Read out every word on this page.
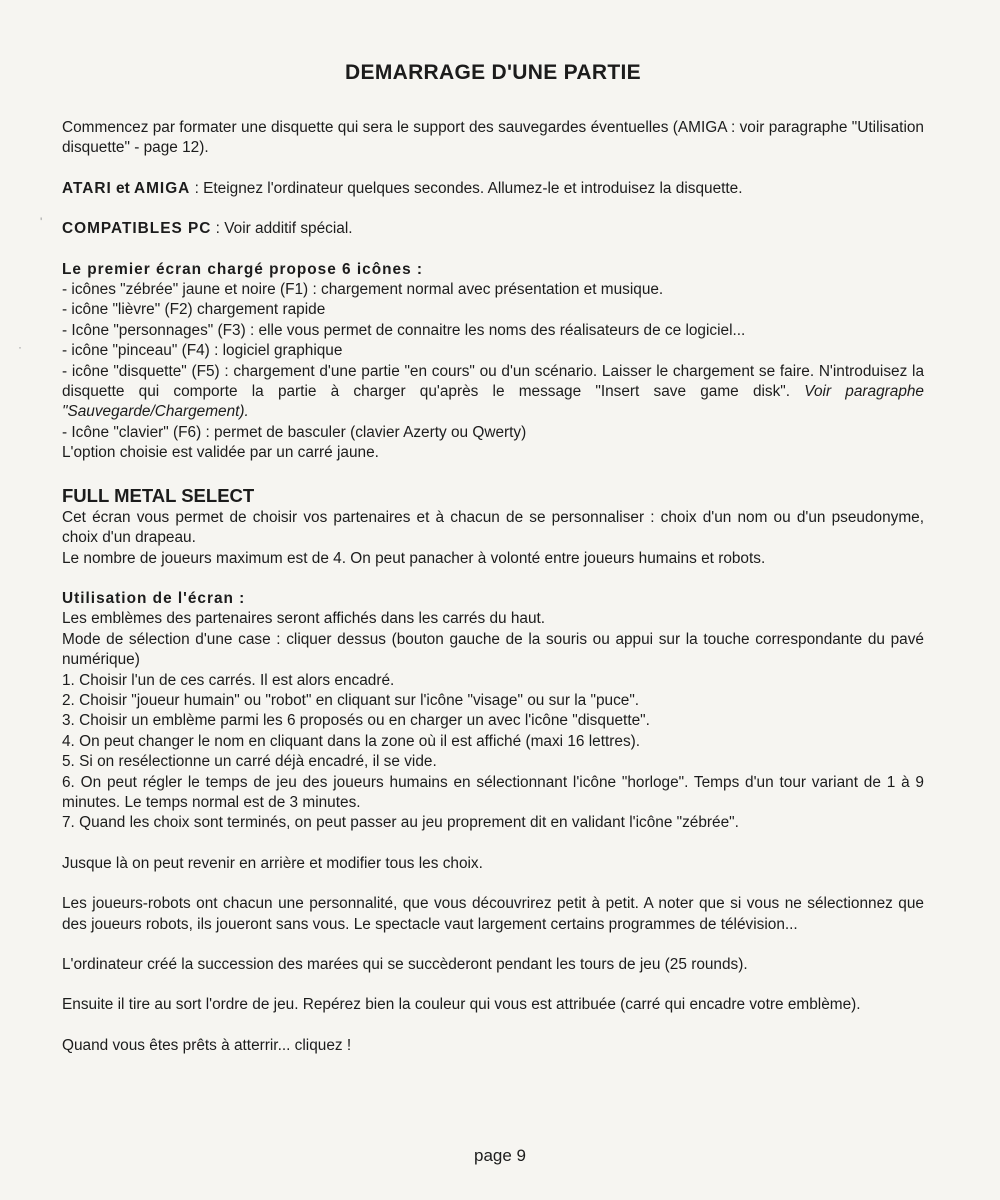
DEMARRAGE D'UNE PARTIE

Commencez par formater une disquette qui sera le support des sauvegardes éventuelles (AMIGA : voir paragraphe "Utilisation disquette" - page 12).

ATARI et AMIGA : Eteignez l'ordinateur quelques secondes. Allumez-le et introduisez la disquette.

COMPATIBLES PC : Voir additif spécial.

Le premier écran chargé propose 6 icônes :

- icônes "zébrée" jaune et noire (F1) : chargement normal avec présentation et musique.

- icône "lièvre" (F2) chargement rapide

- Icône "personnages" (F3) : elle vous permet de connaitre les noms des réalisateurs de ce logiciel...

- icône "pinceau" (F4) : logiciel graphique

- icône "disquette" (F5) : chargement d'une partie "en cours" ou d'un scénario. Laisser le chargement se faire. N'introduisez la disquette qui comporte la partie à charger qu'après le message "Insert save game disk". Voir paragraphe "Sauvegarde/Chargement).

- Icône "clavier" (F6) : permet de basculer (clavier Azerty ou Qwerty)

L'option choisie est validée par un carré jaune.

FULL METAL SELECT

Cet écran vous permet de choisir vos partenaires et à chacun de se personnaliser : choix d'un nom ou d'un pseudonyme, choix d'un drapeau.

Le nombre de joueurs maximum est de 4. On peut panacher à volonté entre joueurs humains et robots.

Utilisation de l'écran :

Les emblèmes des partenaires seront affichés dans les carrés du haut.

Mode de sélection d'une case : cliquer dessus (bouton gauche de la souris ou appui sur la touche correspondante du pavé numérique)

1. Choisir l'un de ces carrés. Il est alors encadré.

2. Choisir "joueur humain" ou "robot" en cliquant sur l'icône "visage" ou sur la "puce".

3. Choisir un emblème parmi les 6 proposés ou en charger un avec l'icône "disquette".

4. On peut changer le nom en cliquant dans la zone où il est affiché (maxi 16 lettres).

5. Si on resélectionne un carré déjà encadré, il se vide.

6. On peut régler le temps de jeu des joueurs humains en sélectionnant l'icône "horloge". Temps d'un tour variant de 1 à 9 minutes. Le temps normal est de 3 minutes.

7. Quand les choix sont terminés, on peut passer au jeu proprement dit en validant l'icône "zébrée".

Jusque là on peut revenir en arrière et modifier tous les choix.

Les joueurs-robots ont chacun une personnalité, que vous découvrirez petit à petit. A noter que si vous ne sélectionnez que des joueurs robots, ils joueront sans vous. Le spectacle vaut largement certains programmes de télévision...

L'ordinateur créé la succession des marées qui se succèderont pendant les tours de jeu (25 rounds).

Ensuite il tire au sort l'ordre de jeu. Repérez bien la couleur qui vous est attribuée (carré qui encadre votre emblème).

Quand vous êtes prêts à atterrir... cliquez !

page 9
'
·
